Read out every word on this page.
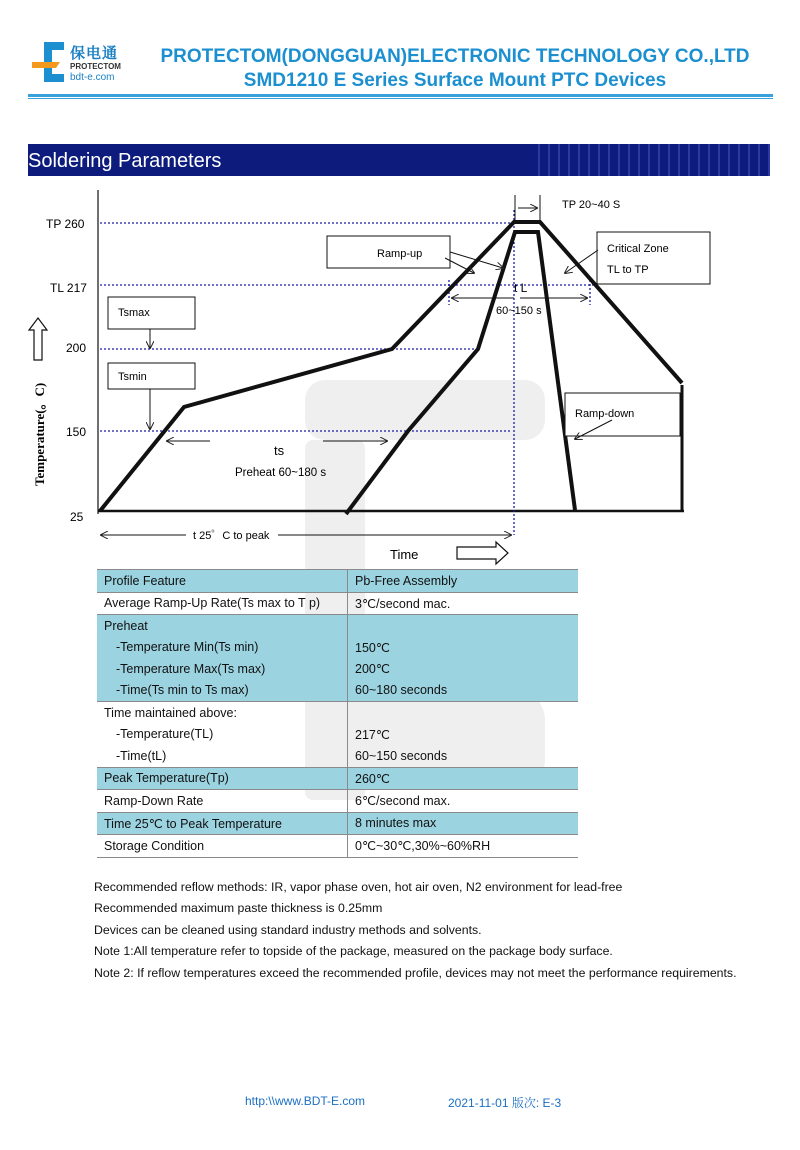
保电通
PROTECTOM
bdt-e.com
PROTECTOM(DONGGUAN)ELECTRONIC TECHNOLOGY CO.,LTD
SMD1210 E Series Surface Mount PTC Devices
Soldering Parameters
TP 260
TL 217
200
150
25
Temperature(。C)
TP 20~40 S
Tsmax
Tsmin
Ramp-up	Critical Zone
TL to TP
t L
60~150 s
Ramp-down
ts
Preheat 60~180 s
t 25゜C to peak
Time
Profile Feature	Pb-Free Assembly
Average Ramp-Up Rate(Ts max to T p)	3℃/second mac.
Preheat	
-Temperature Min(Ts min)	150℃
-Temperature Max(Ts max)	200℃
-Time(Ts min to Ts max)	60~180 seconds
Time maintained above:	
-Temperature(TL)	217℃
-Time(tL)	60~150 seconds
Peak Temperature(Tp)	260℃
Ramp-Down Rate	6℃/second max.
Time 25℃ to Peak Temperature	8 minutes max
Storage Condition	0℃~30℃,30%~60%RH
Recommended reflow methods: IR, vapor phase oven, hot air oven, N2 environment for lead-free
Recommended maximum paste thickness is 0.25mm
Devices can be cleaned using standard industry methods and solvents.
Note 1:All temperature refer to topside of the package, measured on the package body surface.
Note 2: If reflow temperatures exceed the recommended profile, devices may not meet the performance requirements.
http:\\www.BDT-E.com	2021-11-01 版次: E-3
